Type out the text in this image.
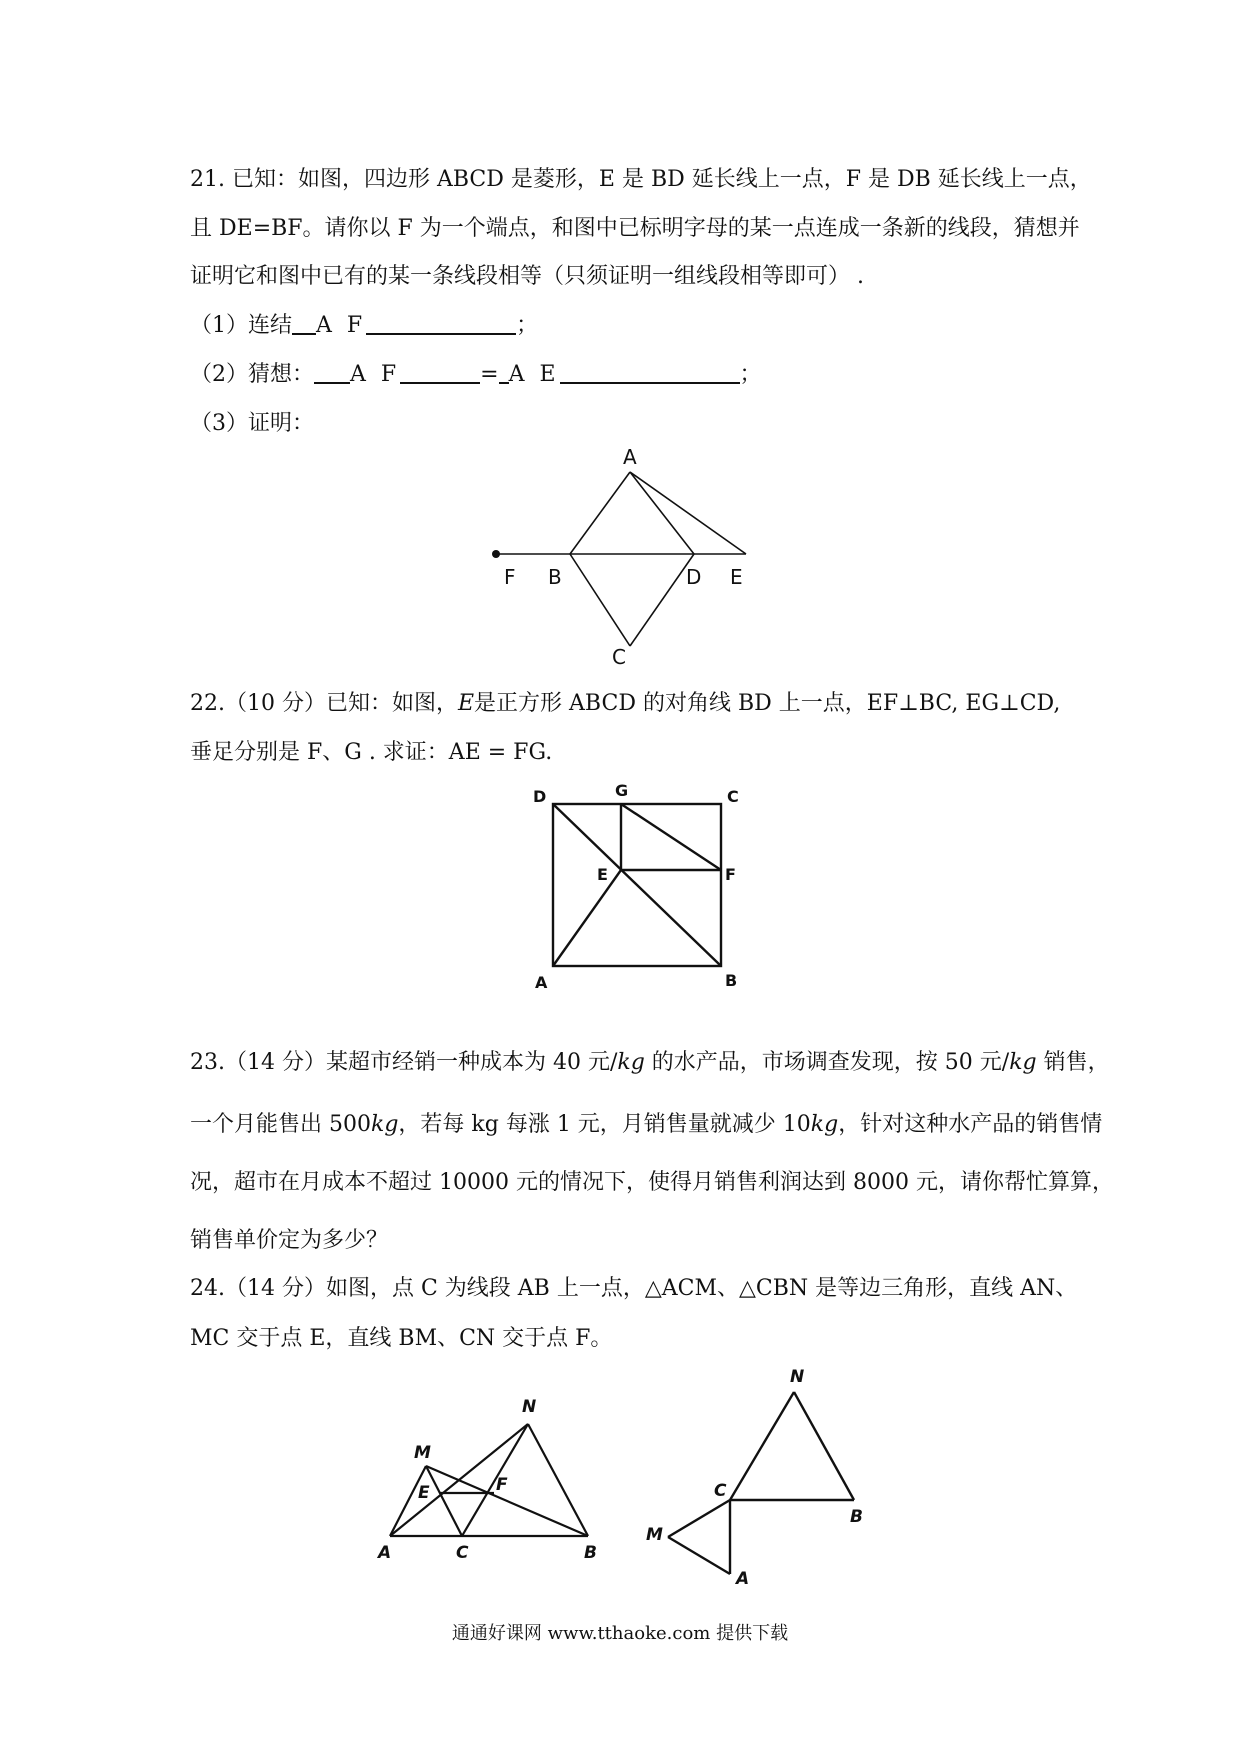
21. 已知：如图，四边形 ABCD 是菱形，E 是 BD 延长线上一点，F 是 DB 延长线上一点，
且 DE=BF。请你以 F 为一个端点，和图中已标明字母的某一点连成一条新的线段，猜想并
证明它和图中已有的某一条线段相等（只须证明一组线段相等即可） .
（1）连结 A F	；
（2）猜想： A F	= A E	；
（3）证明：
A
F B	D E
C
22.（10 分）已知：如图，E是正方形 ABCD 的对角线 BD 上一点，EF⊥BC, EG⊥CD,
垂足分别是 F、G . 求证：AE = FG.
D	G	C
E	F
A	B
23.（14 分）某超市经销一种成本为 40 元/kg 的水产品，市场调查发现，按 50 元/kg 销售，
一个月能售出 500kg，若每 kg 每涨 1 元，月销售量就减少 10kg，针对这种水产品的销售情
况，超市在月成本不超过 10000 元的情况下，使得月销售利润达到 8000 元，请你帮忙算算，
销售单价定为多少？
24.（14 分）如图，点 C 为线段 AB 上一点，△ACM、△CBN 是等边三角形，直线 AN、
MC 交于点 E，直线 BM、CN 交于点 F。
N
M
E	F
A	C	B
N
C
B
M
A
通通好课网 www.tthaoke.com 提供下载
